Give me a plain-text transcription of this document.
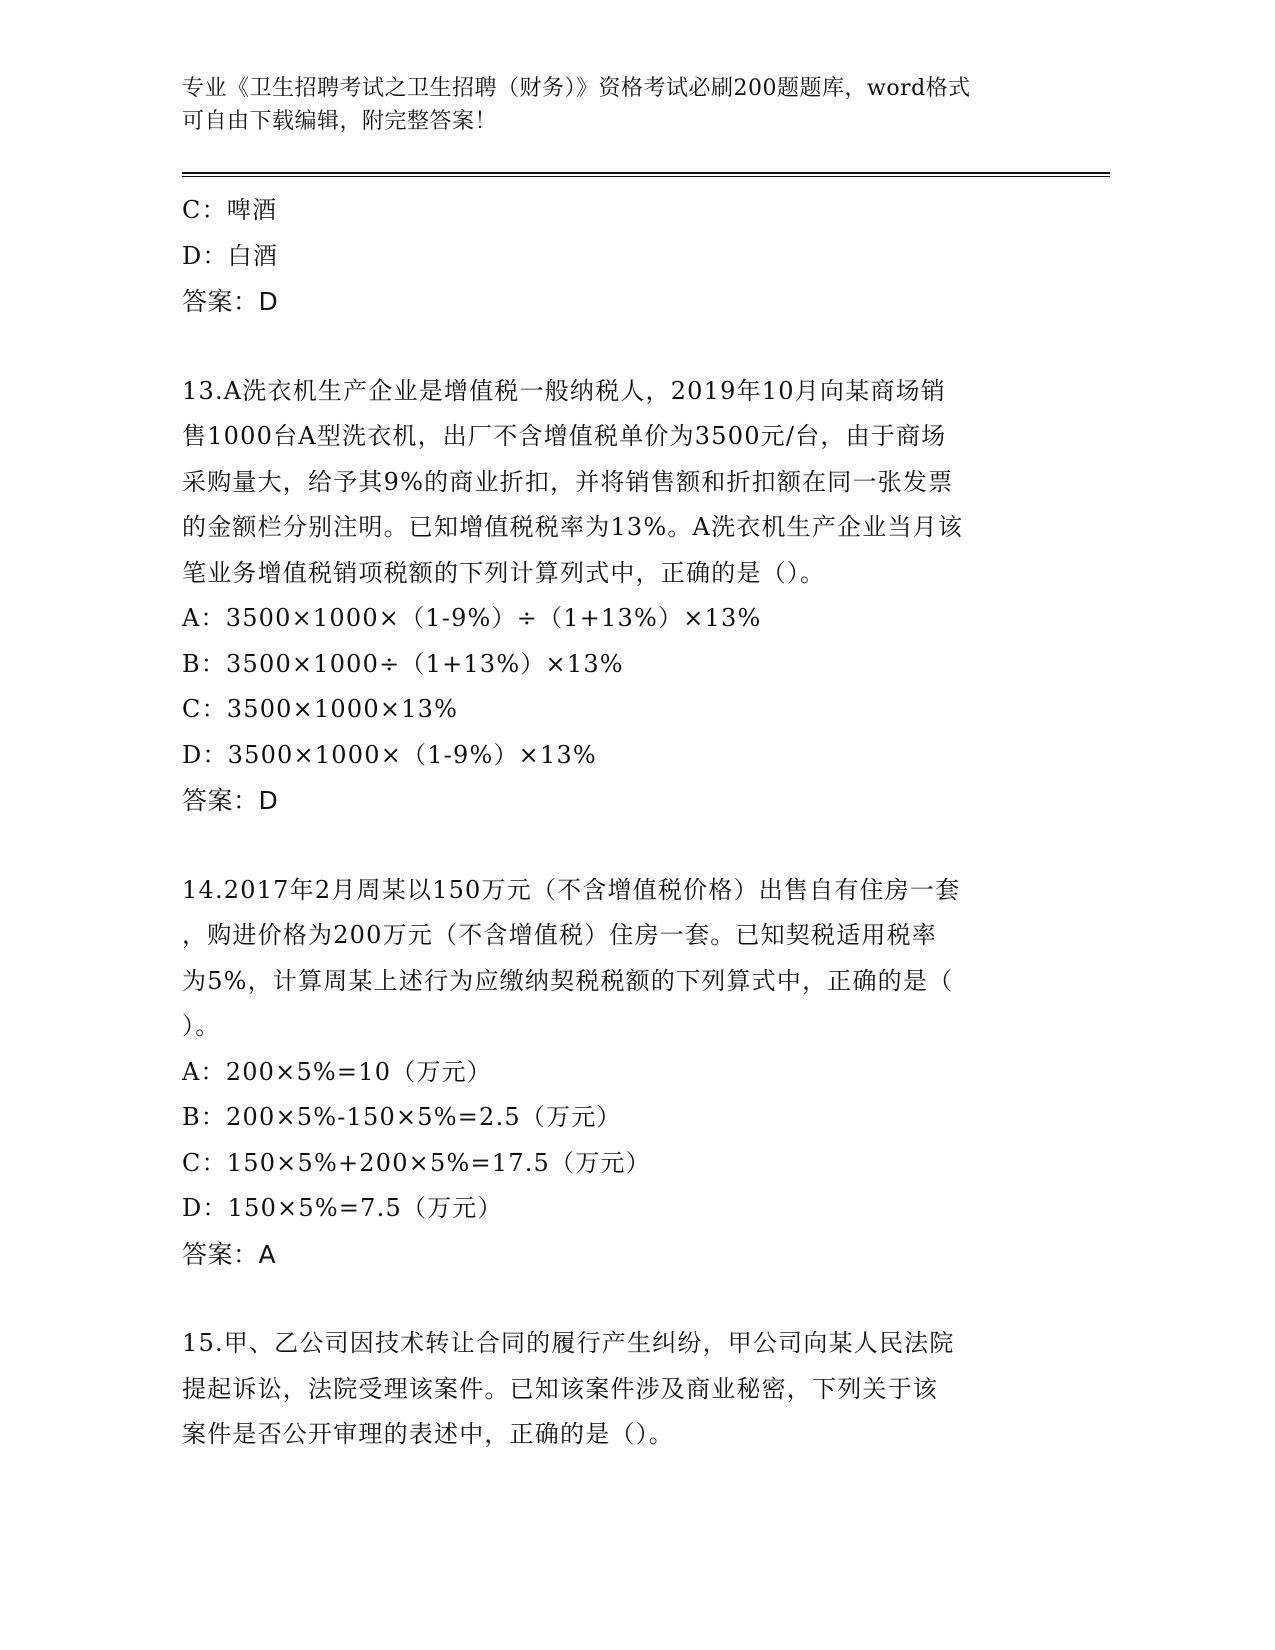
专业《卫生招聘考试之卫生招聘（财务）》资格考试必刷200题题库，word格式
可自由下载编辑，附完整答案！
C：啤酒
D：白酒
答案：D
13.A洗衣机生产企业是增值税一般纳税人，2019年10月向某商场销
售1000台A型洗衣机，出厂不含增值税单价为3500元/台，由于商场
采购量大，给予其9%的商业折扣，并将销售额和折扣额在同一张发票
的金额栏分别注明。已知增值税税率为13%。A洗衣机生产企业当月该
笔业务增值税销项税额的下列计算列式中，正确的是（）。
A：3500×1000×（1-9%）÷（1+13%）×13%
B：3500×1000÷（1+13%）×13%
C：3500×1000×13%
D：3500×1000×（1-9%）×13%
答案：D
14.2017年2月周某以150万元（不含增值税价格）出售自有住房一套
，购进价格为200万元（不含增值税）住房一套。已知契税适用税率
为5%，计算周某上述行为应缴纳契税税额的下列算式中，正确的是（
）。
A：200×5%=10（万元）
B：200×5%-150×5%=2.5（万元）
C：150×5%+200×5%=17.5（万元）
D：150×5%=7.5（万元）
答案：A
15.甲、乙公司因技术转让合同的履行产生纠纷，甲公司向某人民法院
提起诉讼，法院受理该案件。已知该案件涉及商业秘密，下列关于该
案件是否公开审理的表述中，正确的是（）。
